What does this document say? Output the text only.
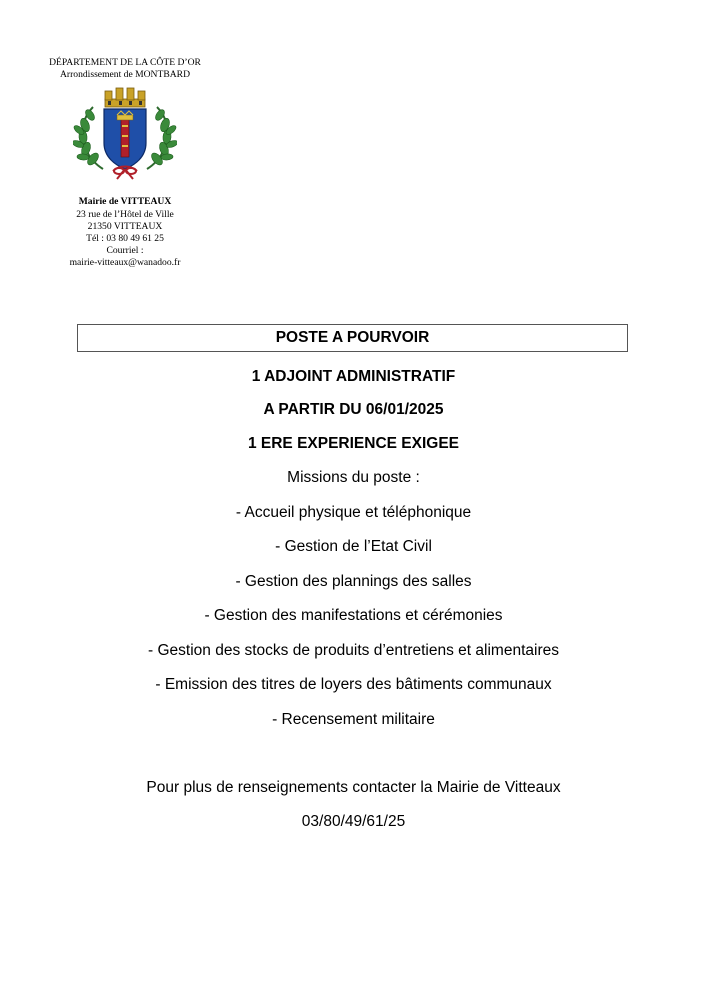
DÉPARTEMENT DE LA CÔTE D’OR
Arrondissement de MONTBARD
Mairie de VITTEAUX
23 rue de l’Hôtel de Ville
21350 VITTEAUX
Tél : 03 80 49 61 25
Courriel :
mairie-vitteaux@wanadoo.fr
POSTE A POURVOIR
1 ADJOINT ADMINISTRATIF
A PARTIR DU 06/01/2025
1 ERE EXPERIENCE EXIGEE
Missions du poste :
- Accueil physique et téléphonique
- Gestion de l’Etat Civil
- Gestion des plannings des salles
- Gestion des manifestations et cérémonies
- Gestion des stocks de produits d’entretiens et alimentaires
- Emission des titres de loyers des bâtiments communaux
- Recensement militaire
Pour plus de renseignements contacter la Mairie de Vitteaux
03/80/49/61/25
